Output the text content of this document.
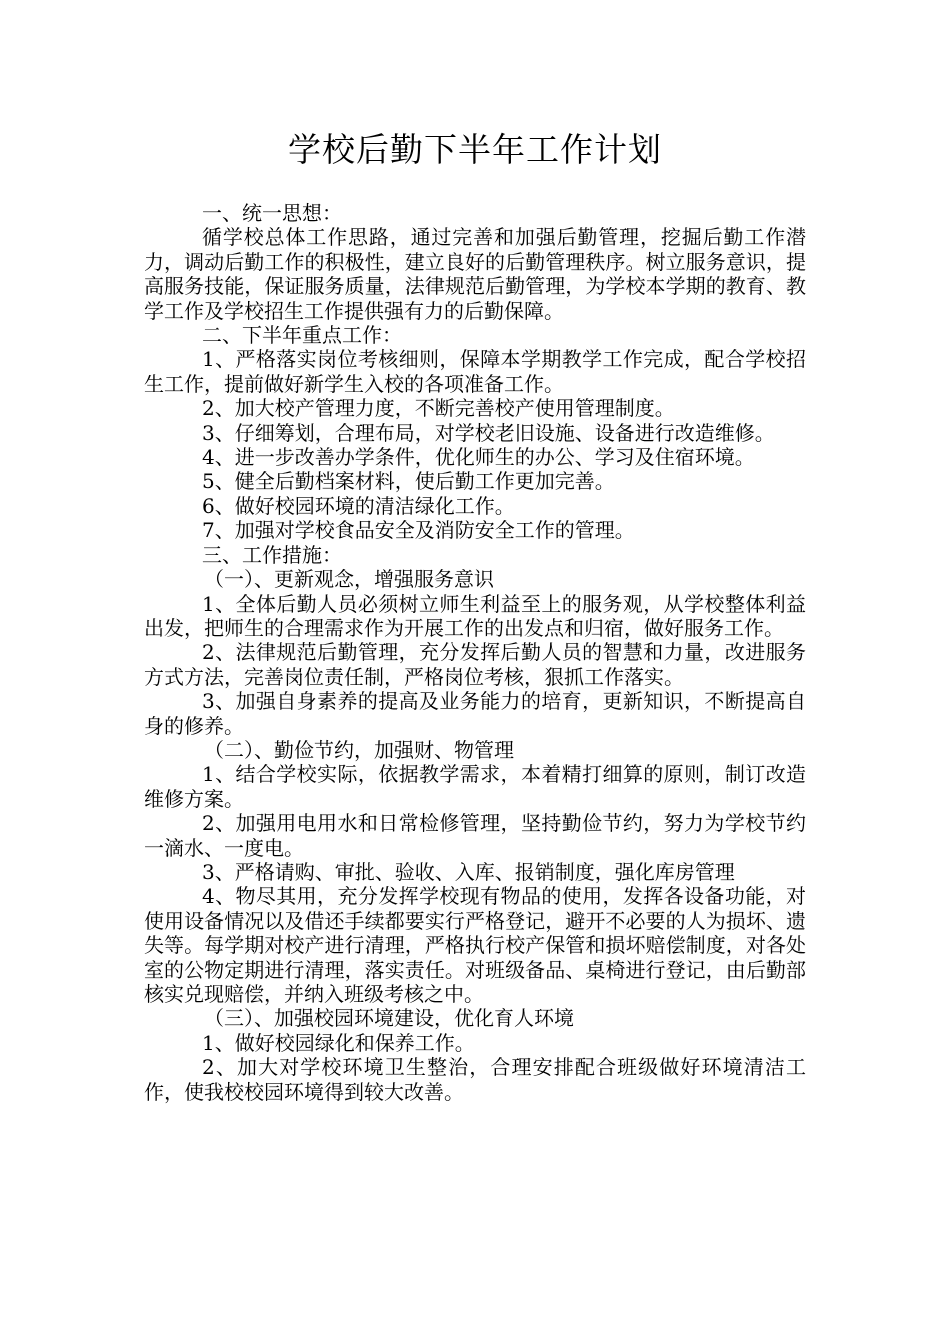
学校后勤下半年工作计划

一、统一思想：

循学校总体工作思路，通过完善和加强后勤管理，挖掘后勤工作潜力，调动后勤工作的积极性，建立良好的后勤管理秩序。树立服务意识，提高服务技能，保证服务质量，法律规范后勤管理，为学校本学期的教育、教学工作及学校招生工作提供强有力的后勤保障。

二、下半年重点工作：

1、严格落实岗位考核细则，保障本学期教学工作完成，配合学校招生工作，提前做好新学生入校的各项准备工作。

2、加大校产管理力度，不断完善校产使用管理制度。

3、仔细筹划，合理布局，对学校老旧设施、设备进行改造维修。

4、进一步改善办学条件，优化师生的办公、学习及住宿环境。

5、健全后勤档案材料，使后勤工作更加完善。

6、做好校园环境的清洁绿化工作。

7、加强对学校食品安全及消防安全工作的管理。

三、工作措施：

（一）、更新观念，增强服务意识

1、全体后勤人员必须树立师生利益至上的服务观，从学校整体利益出发，把师生的合理需求作为开展工作的出发点和归宿，做好服务工作。

2、法律规范后勤管理，充分发挥后勤人员的智慧和力量，改进服务方式方法，完善岗位责任制，严格岗位考核，狠抓工作落实。

3、加强自身素养的提高及业务能力的培育，更新知识，不断提高自身的修养。

（二）、勤俭节约，加强财、物管理

1、结合学校实际，依据教学需求，本着精打细算的原则，制订改造维修方案。

2、加强用电用水和日常检修管理，坚持勤俭节约，努力为学校节约一滴水、一度电。

3、严格请购、审批、验收、入库、报销制度，强化库房管理

4、物尽其用，充分发挥学校现有物品的使用，发挥各设备功能，对使用设备情况以及借还手续都要实行严格登记，避开不必要的人为损坏、遗失等。每学期对校产进行清理，严格执行校产保管和损坏赔偿制度，对各处室的公物定期进行清理，落实责任。对班级备品、桌椅进行登记，由后勤部核实兑现赔偿，并纳入班级考核之中。

（三）、加强校园环境建设，优化育人环境

1、做好校园绿化和保养工作。

2、加大对学校环境卫生整治，合理安排配合班级做好环境清洁工作，使我校校园环境得到较大改善。
